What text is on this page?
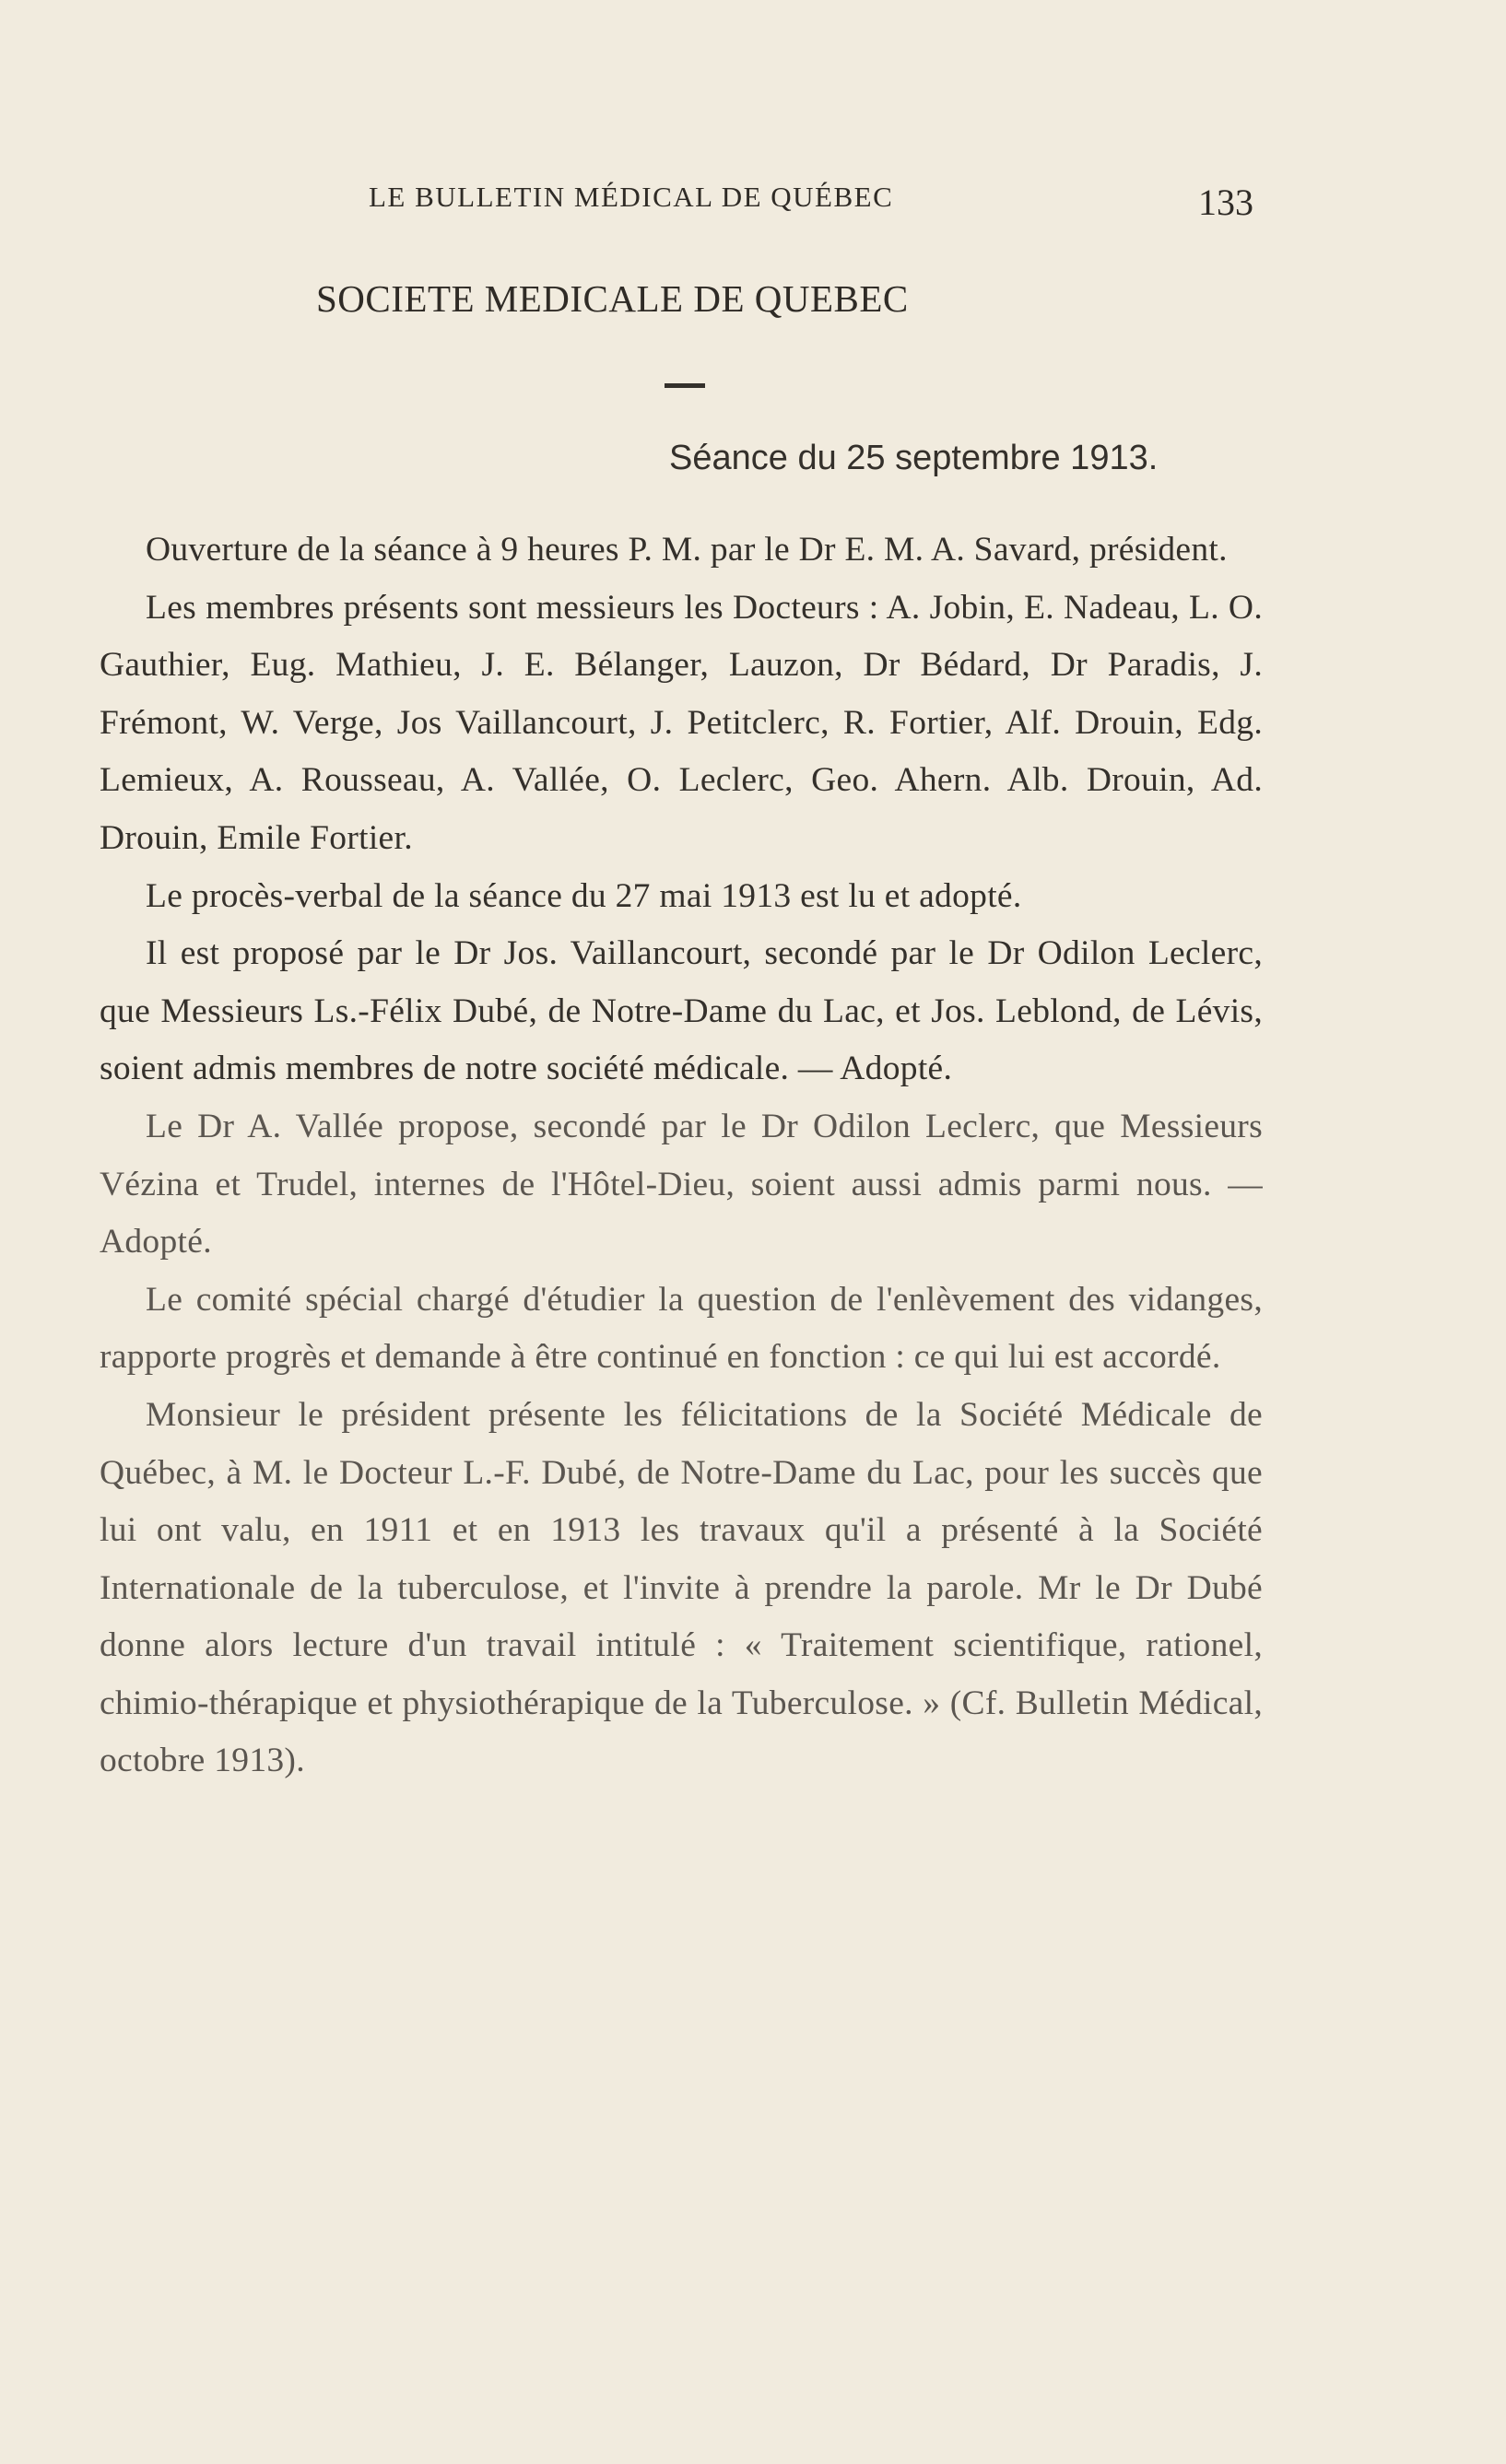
LE BULLETIN MÉDICAL DE QUÉBEC	133
SOCIETE MEDICALE DE QUEBEC
Séance du 25 septembre 1913.

Ouverture de la séance à 9 heures P. M. par le Dr E. M. A. Savard, président.

Les membres présents sont messieurs les Docteurs : A. Jobin, E. Nadeau, L. O. Gauthier, Eug. Mathieu, J. E. Bélanger, Lauzon, Dr Bédard, Dr Paradis, J. Frémont, W. Verge, Jos Vaillancourt, J. Petitclerc, R. Fortier, Alf. Drouin, Edg. Lemieux, A. Rousseau, A. Vallée, O. Leclerc, Geo. Ahern. Alb. Drouin, Ad. Drouin, Emile Fortier.

Le procès-verbal de la séance du 27 mai 1913 est lu et adopté.

Il est proposé par le Dr Jos. Vaillancourt, secondé par le Dr Odilon Leclerc, que Messieurs Ls.-Félix Dubé, de Notre-Dame du Lac, et Jos. Leblond, de Lévis, soient admis membres de notre société médicale. — Adopté.

Le Dr A. Vallée propose, secondé par le Dr Odilon Leclerc, que Messieurs Vézina et Trudel, internes de l'Hôtel-Dieu, soient aussi admis parmi nous. — Adopté.

Le comité spécial chargé d'étudier la question de l'enlèvement des vidanges, rapporte progrès et demande à être continué en fonction : ce qui lui est accordé.

Monsieur le président présente les félicitations de la Société Médicale de Québec, à M. le Docteur L.-F. Dubé, de Notre-Dame du Lac, pour les succès que lui ont valu, en 1911 et en 1913 les travaux qu'il a présenté à la Société Internationale de la tuberculose, et l'invite à prendre la parole. Mr le Dr Dubé donne alors lecture d'un travail intitulé : « Traitement scientifique, rationel, chimio-thérapique et physiothérapique de la Tuberculose. » (Cf. Bulletin Médical, octobre 1913).
